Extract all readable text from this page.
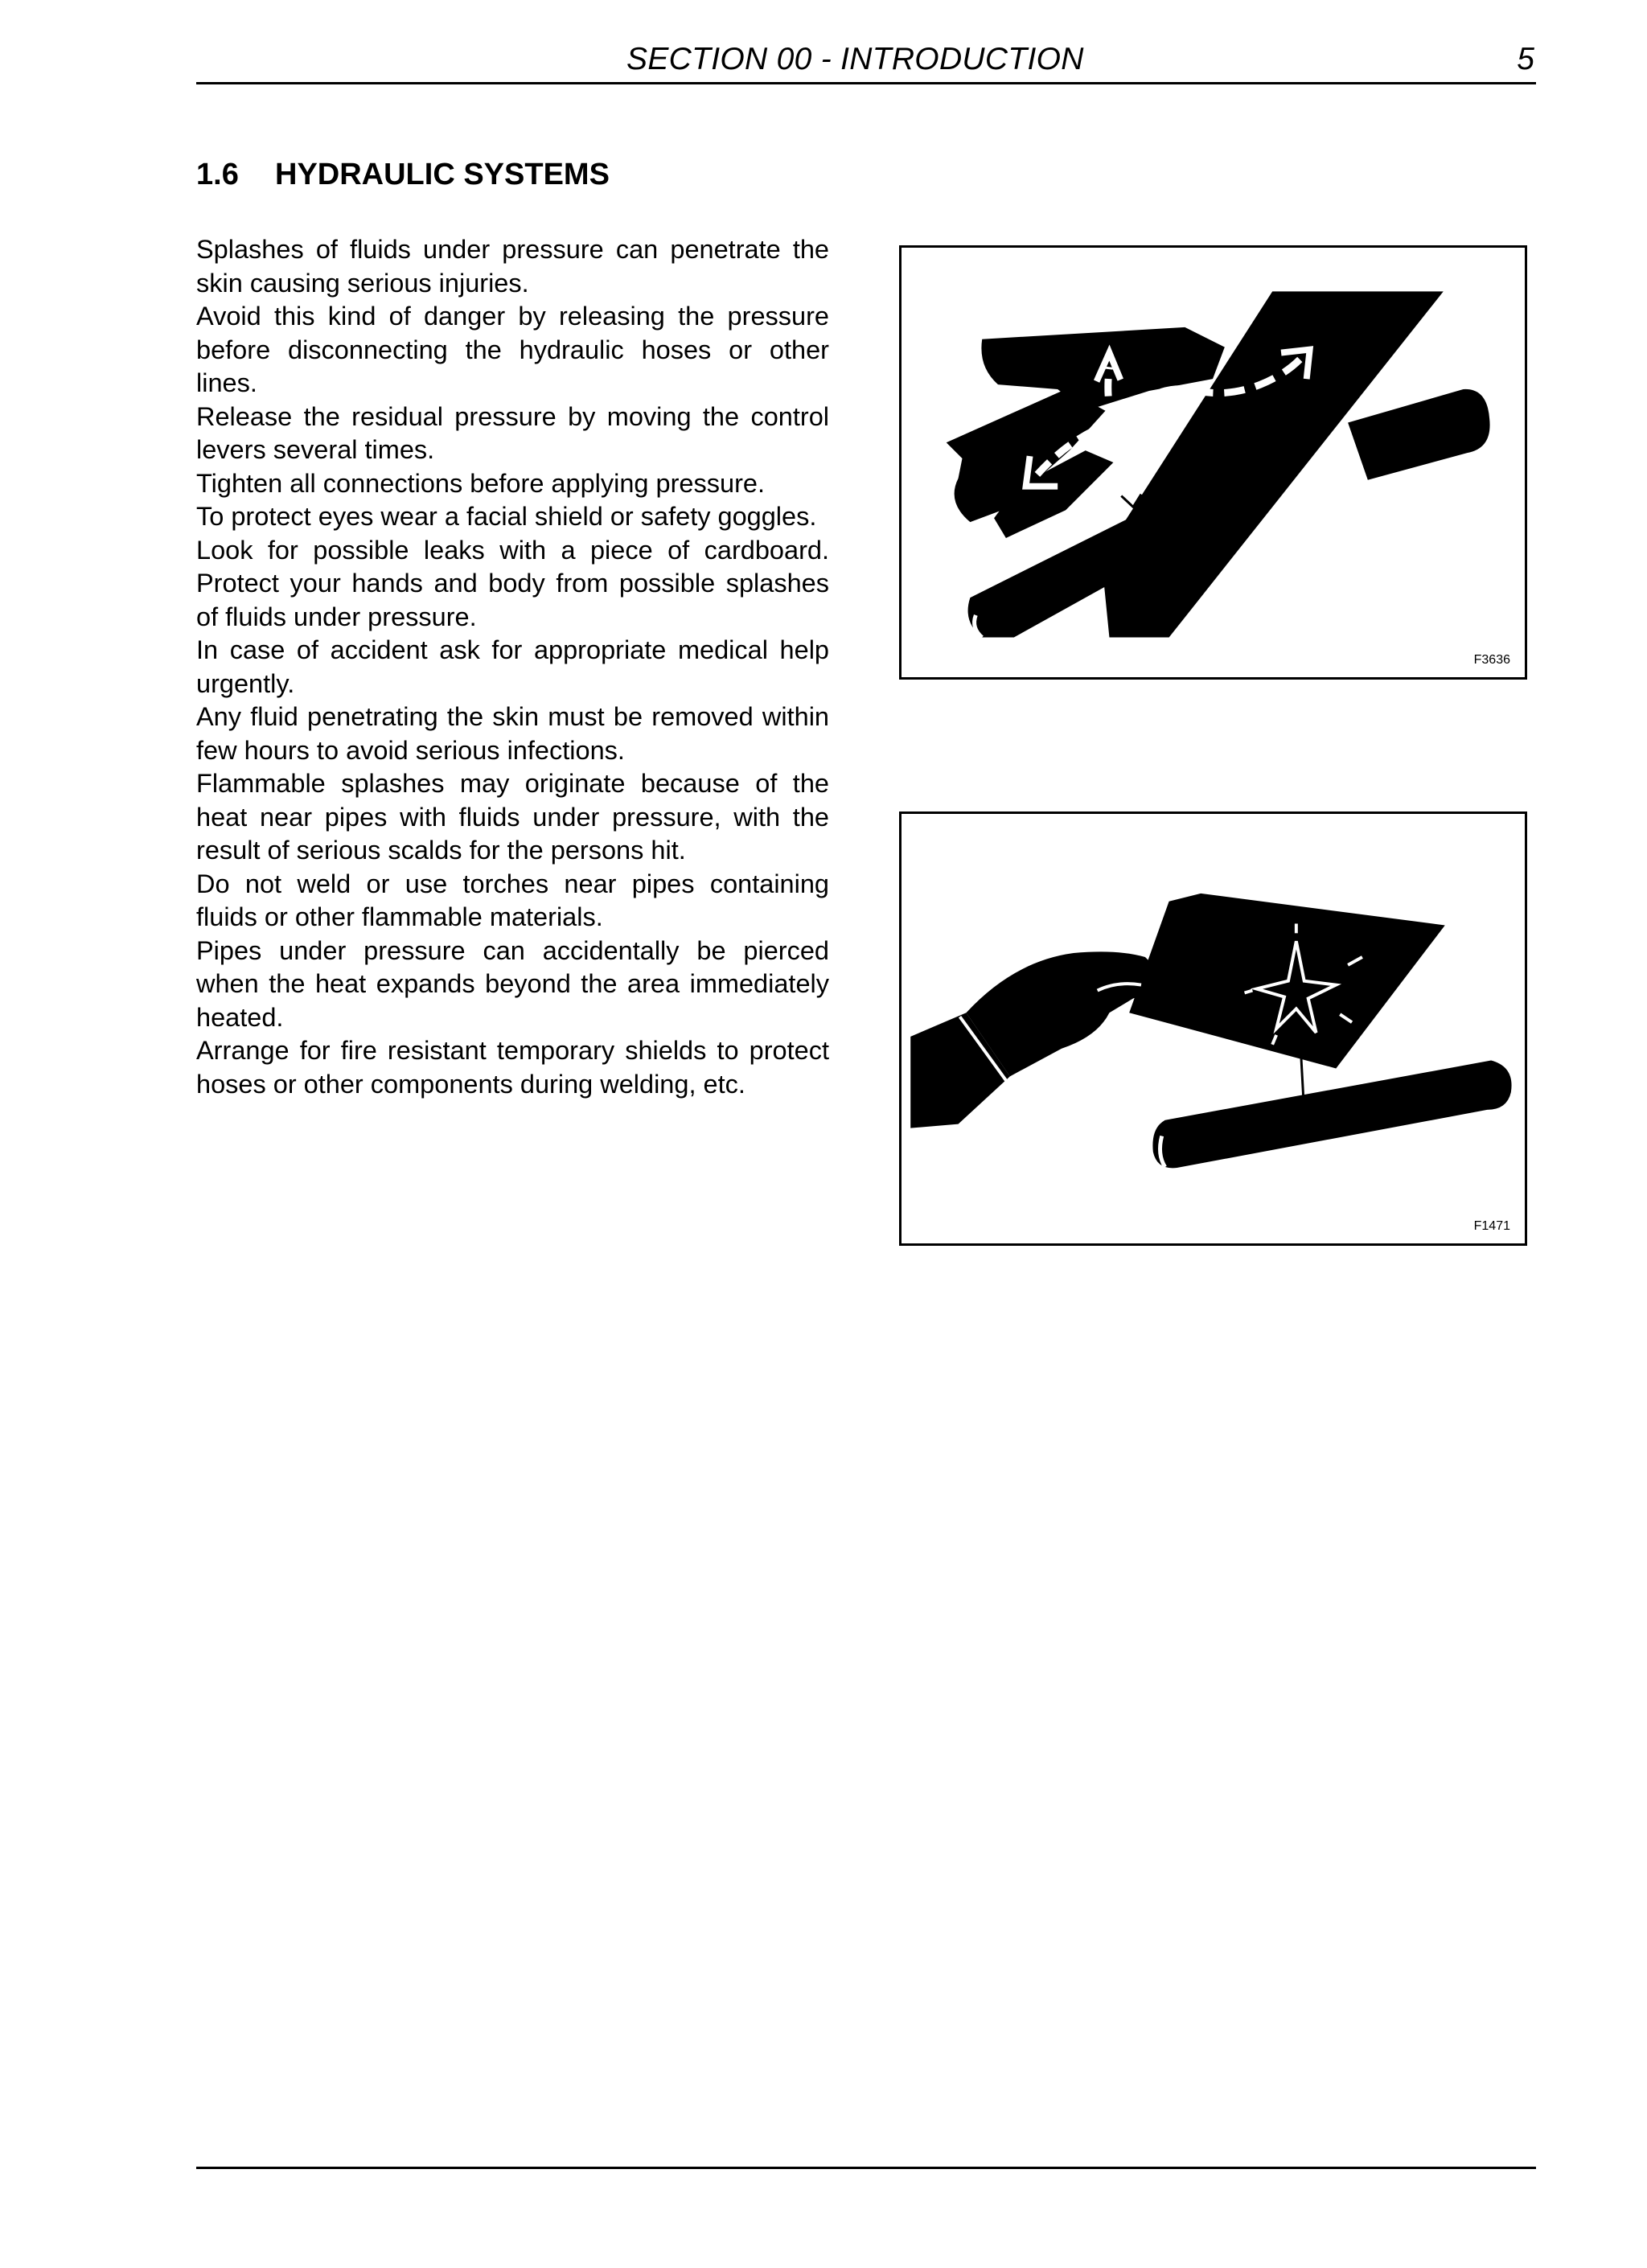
SECTION 00 - INTRODUCTION	5
1.6 HYDRAULIC SYSTEMS

Splashes of fluids under pressure can penetrate the skin causing serious injuries.

Avoid this kind of danger by releasing the pressure before disconnecting the hydraulic hoses or other lines.

Release the residual pressure by moving the control levers several times.

Tighten all connections before applying pressure.

To protect eyes wear a facial shield or safety goggles.

Look for possible leaks with a piece of cardboard. Protect your hands and body from possible splashes of fluids under pressure.

In case of accident ask for appropriate medical help urgently.

Any fluid penetrating the skin must be removed within few hours to avoid serious infections.

Flammable splashes may originate because of the heat near pipes with fluids under pressure, with the result of serious scalds for the persons hit.

Do not weld or use torches near pipes containing fluids or other flammable materials.

Pipes under pressure can accidentally be pierced when the heat expands beyond the area immediately heated.

Arrange for fire resistant temporary shields to protect hoses or other components during welding, etc.

F3636
F1471
